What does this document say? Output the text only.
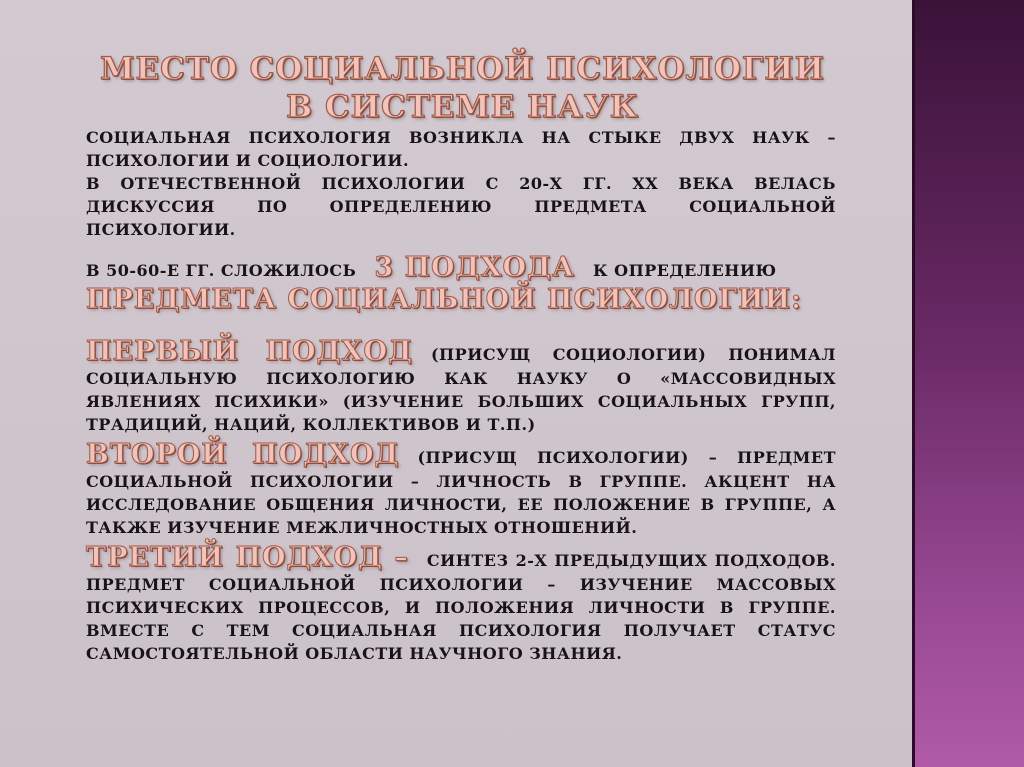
МЕСТО СОЦИАЛЬНОЙ ПСИХОЛОГИИ В СИСТЕМЕ НАУК

СОЦИАЛЬНАЯ ПСИХОЛОГИЯ ВОЗНИКЛА НА СТЫКЕ ДВУХ НАУК – ПСИХОЛОГИИ И СОЦИОЛОГИИ.

В ОТЕЧЕСТВЕННОЙ ПСИХОЛОГИИ С 20-Х ГГ. XX ВЕКА ВЕЛАСЬ ДИСКУССИЯ ПО ОПРЕДЕЛЕНИЮ ПРЕДМЕТА СОЦИАЛЬНОЙ ПСИХОЛОГИИ.

В 50-60-Е ГГ. СЛОЖИЛОСЬ 3 ПОДХОДА К ОПРЕДЕЛЕНИЮ
ПРЕДМЕТА СОЦИАЛЬНОЙ ПСИХОЛОГИИ:

ПЕРВЫЙ ПОДХОД (ПРИСУЩ СОЦИОЛОГИИ) ПОНИМАЛ СОЦИАЛЬНУЮ ПСИХОЛОГИЮ КАК НАУКУ О «МАССОВИДНЫХ ЯВЛЕНИЯХ ПСИХИКИ» (ИЗУЧЕНИЕ БОЛЬШИХ СОЦИАЛЬНЫХ ГРУПП, ТРАДИЦИЙ, НАЦИЙ, КОЛЛЕКТИВОВ И Т.П.)

ВТОРОЙ ПОДХОД (ПРИСУЩ ПСИХОЛОГИИ) – ПРЕДМЕТ СОЦИАЛЬНОЙ ПСИХОЛОГИИ – ЛИЧНОСТЬ В ГРУППЕ. АКЦЕНТ НА ИССЛЕДОВАНИЕ ОБЩЕНИЯ ЛИЧНОСТИ, ЕЕ ПОЛОЖЕНИЕ В ГРУППЕ, А ТАКЖЕ ИЗУЧЕНИЕ МЕЖЛИЧНОСТНЫХ ОТНОШЕНИЙ.

ТРЕТИЙ ПОДХОД – СИНТЕЗ 2-Х ПРЕДЫДУЩИХ ПОДХОДОВ. ПРЕДМЕТ СОЦИАЛЬНОЙ ПСИХОЛОГИИ – ИЗУЧЕНИЕ МАССОВЫХ ПСИХИЧЕСКИХ ПРОЦЕССОВ, И ПОЛОЖЕНИЯ ЛИЧНОСТИ В ГРУППЕ. ВМЕСТЕ С ТЕМ СОЦИАЛЬНАЯ ПСИХОЛОГИЯ ПОЛУЧАЕТ СТАТУС САМОСТОЯТЕЛЬНОЙ ОБЛАСТИ НАУЧНОГО ЗНАНИЯ.
